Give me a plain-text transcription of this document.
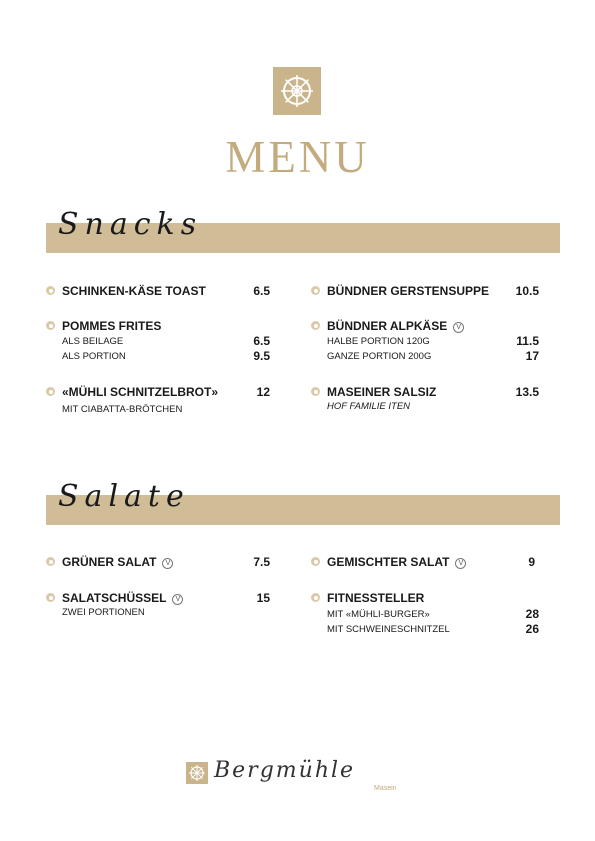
MENU
Snacks
SCHINKEN-KÄSE TOAST	6.5
POMMES FRITES
ALS BEILAGE	6.5
ALS PORTION	9.5
«MÜHLI SCHNITZELBROT»	12
MIT CIABATTA-BRÖTCHEN
BÜNDNER GERSTENSUPPE	10.5
BÜNDNER ALPKÄSE V
HALBE PORTION 120G	11.5
GANZE PORTION 200G	17
MASEINER SALSIZ	13.5
HOF FAMILIE ITEN
Salate
GRÜNER SALAT V	7.5
SALATSCHÜSSEL V	15
ZWEI PORTIONEN
GEMISCHTER SALAT V	9
FITNESSTELLER
MIT «MÜHLI-BURGER»	28
MIT SCHWEINESCHNITZEL	26
Bergmühle
Masein
